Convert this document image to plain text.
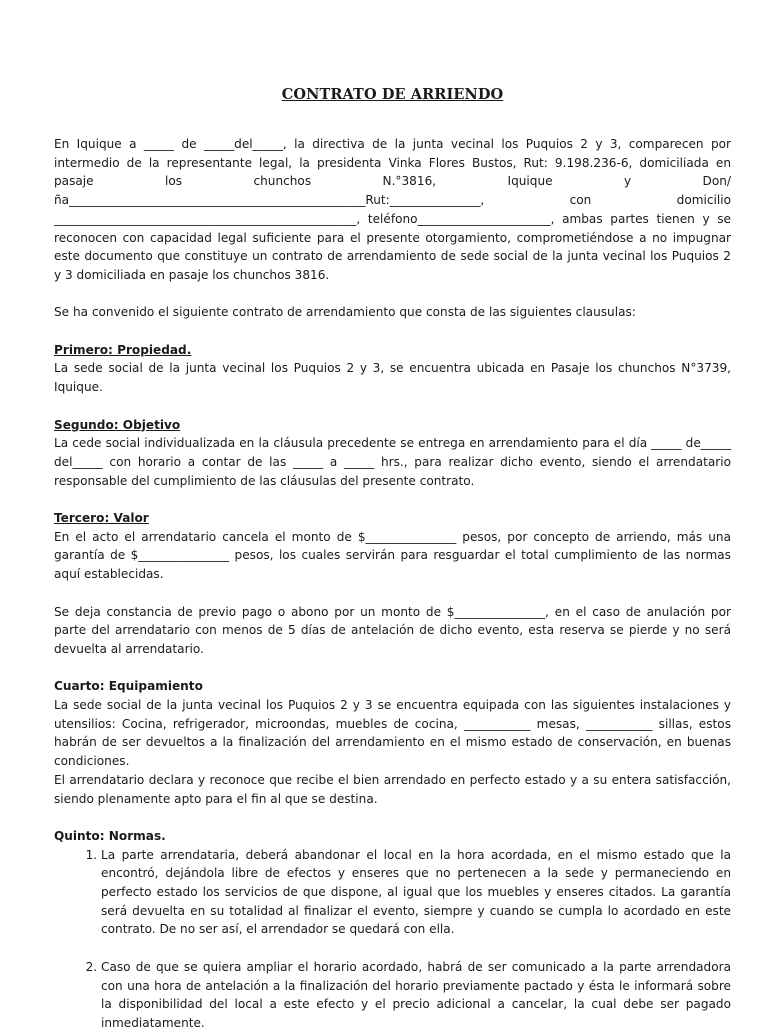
CONTRATO DE ARRIENDO

En Iquique a _____ de _____del_____, la directiva de la junta vecinal los Puquios 2 y 3, comparecen por intermedio de la representante legal, la presidenta Vinka Flores Bustos, Rut: 9.198.236-6, domiciliada en pasaje los chunchos N.°3816, Iquique y Don/ña_________________________________________________Rut:_______________, con domicilio __________________________________________________, teléfono______________________, ambas partes tienen y se reconocen con capacidad legal suficiente para el presente otorgamiento, comprometiéndose a no impugnar este documento que constituye un contrato de arrendamiento de sede social de la junta vecinal los Puquios 2 y 3 domiciliada en pasaje los chunchos 3816.

Se ha convenido el siguiente contrato de arrendamiento que consta de las siguientes clausulas:

Primero: Propiedad.

La sede social de la junta vecinal los Puquios 2 y 3, se encuentra ubicada en Pasaje los chunchos N°3739, Iquique.

Segundo: Objetivo

La cede social individualizada en la cláusula precedente se entrega en arrendamiento para el día _____ de_____ del_____ con horario a contar de las _____ a _____ hrs., para realizar dicho evento, siendo el arrendatario responsable del cumplimiento de las cláusulas del presente contrato.

Tercero: Valor

En el acto el arrendatario cancela el monto de $_______________ pesos, por concepto de arriendo, más una garantía de $_______________ pesos, los cuales servirán para resguardar el total cumplimiento de las normas aquí establecidas.

Se deja constancia de previo pago o abono por un monto de $_______________, en el caso de anulación por parte del arrendatario con menos de 5 días de antelación de dicho evento, esta reserva se pierde y no será devuelta al arrendatario.

Cuarto: Equipamiento

La sede social de la junta vecinal los Puquios 2 y 3 se encuentra equipada con las siguientes instalaciones y utensilios: Cocina, refrigerador, microondas, muebles de cocina, ___________ mesas, ___________ sillas, estos habrán de ser devueltos a la finalización del arrendamiento en el mismo estado de conservación, en buenas condiciones.

El arrendatario declara y reconoce que recibe el bien arrendado en perfecto estado y a su entera satisfacción, siendo plenamente apto para el fin al que se destina.

Quinto: Normas.

1. La parte arrendataria, deberá abandonar el local en la hora acordada, en el mismo estado que la encontró, dejándola libre de efectos y enseres que no pertenecen a la sede y permaneciendo en perfecto estado los servicios de que dispone, al igual que los muebles y enseres citados. La garantía será devuelta en su totalidad al finalizar el evento, siempre y cuando se cumpla lo acordado en este contrato. De no ser así, el arrendador se quedará con ella.
2. Caso de que se quiera ampliar el horario acordado, habrá de ser comunicado a la parte arrendadora con una hora de antelación a la finalización del horario previamente pactado y ésta le informará sobre la disponibilidad del local a este efecto y el precio adicional a cancelar, la cual debe ser pagado inmediatamente.
